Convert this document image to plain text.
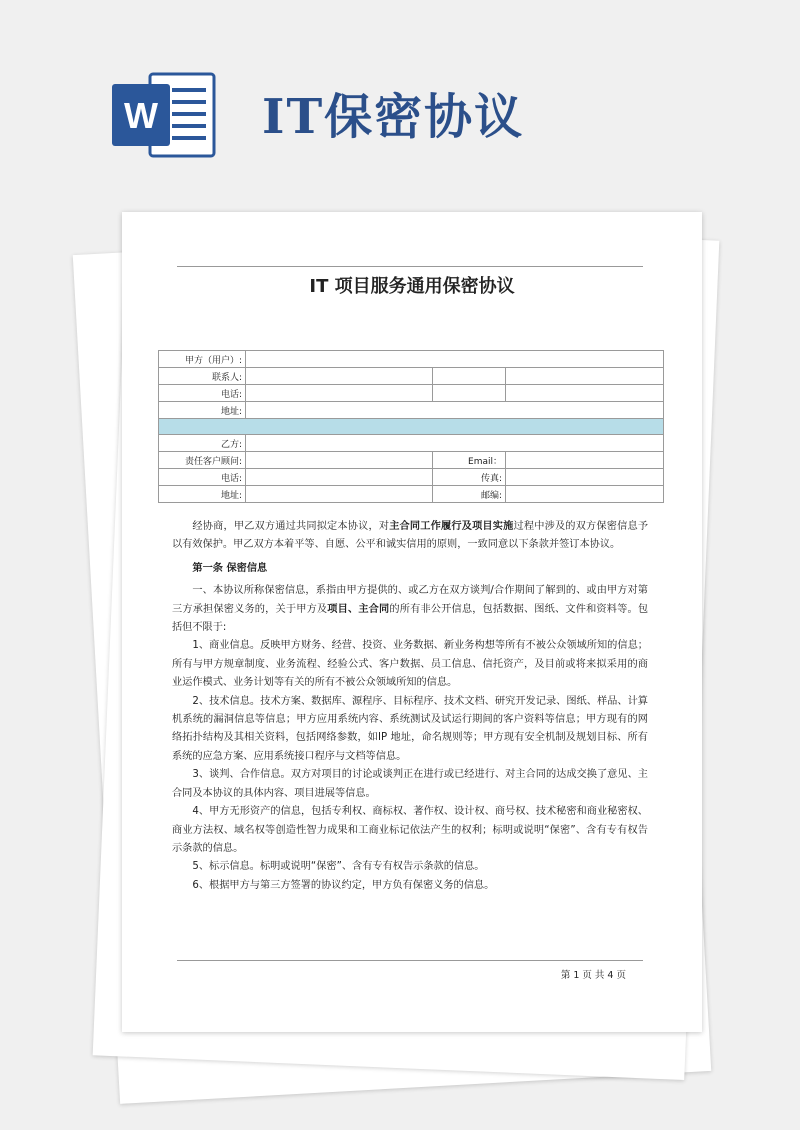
W IT保密协议
IT 项目服务通用保密协议
甲方（用户）:			
联系人:			
电话:			
地址:			

乙方:			
责任客户顾问:		Email：	
电话:		传真:	
地址:		邮编:	

经协商，甲乙双方通过共同拟定本协议，对主合同工作履行及项目实施过程中涉及的双方保密信息予以有效保护。甲乙双方本着平等、自愿、公平和诚实信用的原则，一致同意以下条款并签订本协议。

第一条 保密信息

一、本协议所称保密信息，系指由甲方提供的、或乙方在双方谈判/合作期间了解到的、或由甲方对第三方承担保密义务的，关于甲方及项目、主合同的所有非公开信息，包括数据、图纸、文件和资料等。包括但不限于:

1、商业信息。反映甲方财务、经营、投资、业务数据、新业务构想等所有不被公众领域所知的信息；所有与甲方规章制度、业务流程、经验公式、客户数据、员工信息、信托资产，及目前或将来拟采用的商业运作模式、业务计划等有关的所有不被公众领域所知的信息。

2、技术信息。技术方案、数据库、源程序、目标程序、技术文档、研究开发记录、图纸、样品、计算机系统的漏洞信息等信息；甲方应用系统内容、系统测试及试运行期间的客户资料等信息；甲方现有的网络拓扑结构及其相关资料，包括网络参数，如IP 地址，命名规则等；甲方现有安全机制及规划目标、所有系统的应急方案、应用系统接口程序与文档等信息。

3、谈判、合作信息。双方对项目的讨论或谈判正在进行或已经进行、对主合同的达成交换了意见、主合同及本协议的具体内容、项目进展等信息。

4、甲方无形资产的信息，包括专利权、商标权、著作权、设计权、商号权、技术秘密和商业秘密权、商业方法权、域名权等创造性智力成果和工商业标记依法产生的权利；标明或说明“保密”、含有专有权告示条款的信息。

5、标示信息。标明或说明“保密”、含有专有权告示条款的信息。

6、根据甲方与第三方签署的协议约定，甲方负有保密义务的信息。

第 1 页 共 4 页
